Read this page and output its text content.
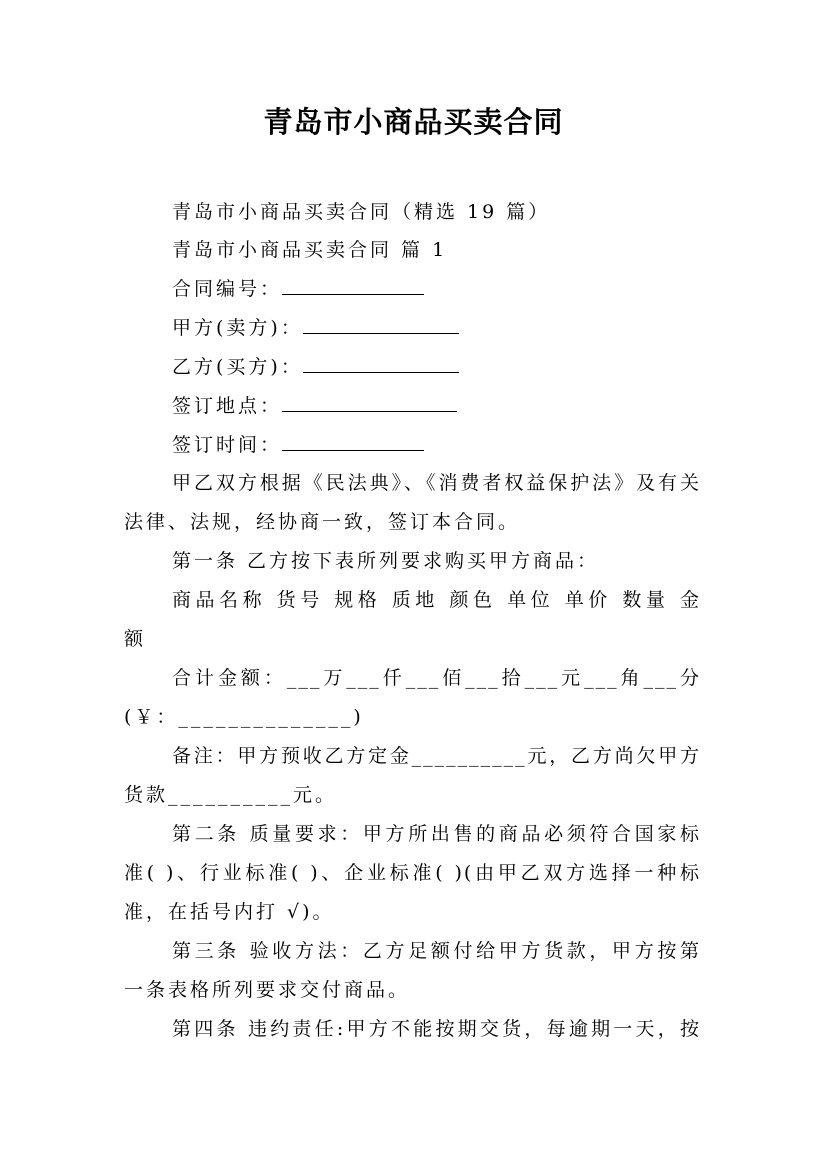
青岛市小商品买卖合同
青岛市小商品买卖合同（精选 19 篇）
青岛市小商品买卖合同 篇 1
合同编号：
甲方(卖方)：
乙方(买方)：
签订地点：
签订时间：
甲乙双方根据《民法典》、《消费者权益保护法》及有关
法律、法规，经协商一致，签订本合同。
第一条 乙方按下表所列要求购买甲方商品：
商品名称 货号 规格 质地 颜色 单位 单价 数量 金
额
合计金额：___万___仟___佰___拾___元___角___分
(￥：______________)
备注：甲方预收乙方定金__________元，乙方尚欠甲方
货款__________元。
第二条 质量要求：甲方所出售的商品必须符合国家标
准( )、行业标准( )、企业标准( )(由甲乙双方选择一种标
准，在括号内打 √)。
第三条 验收方法：乙方足额付给甲方货款，甲方按第
一条表格所列要求交付商品。
第四条 违约责任:甲方不能按期交货，每逾期一天，按
